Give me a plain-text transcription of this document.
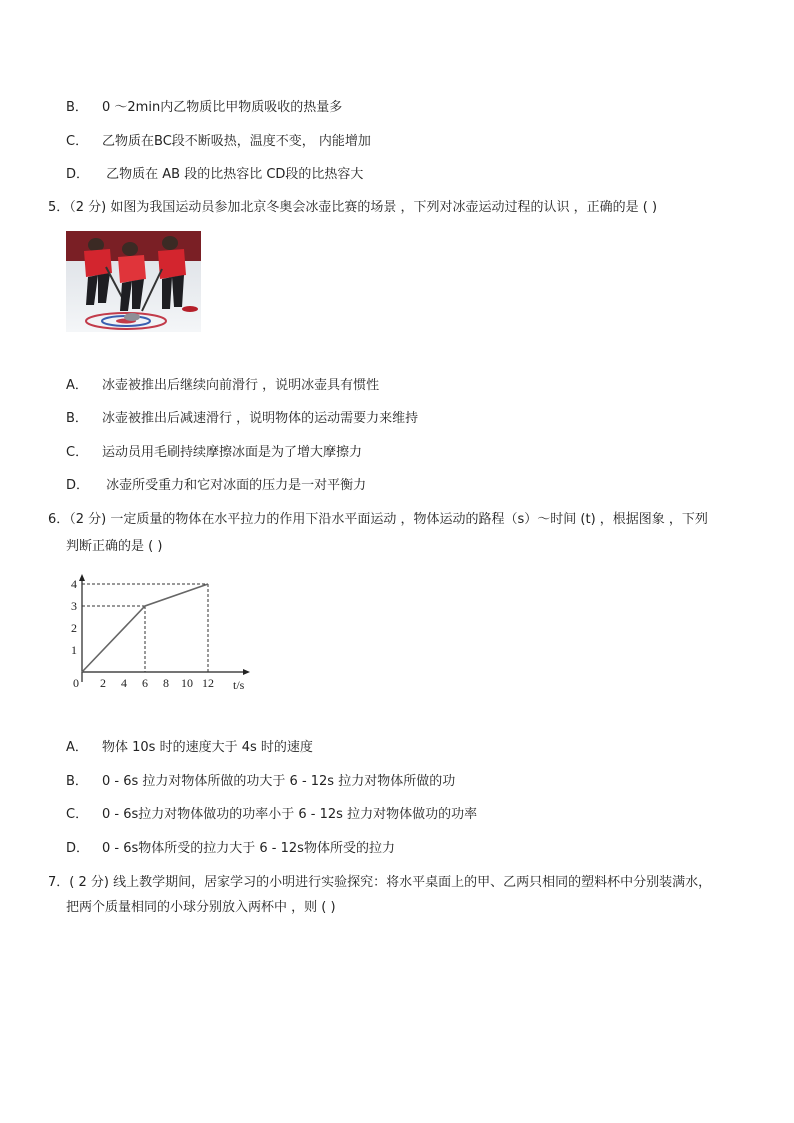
B． 0 ～2min内乙物质比甲物质吸收的热量多
C． 乙物质在BC段不断吸热，温度不变， 内能增加
D． 乙物质在 AB 段的比热容比 CD段的比热容大
5．（2 分) 如图为我国运动员参加北京冬奥会冰壶比赛的场景 ，下列对冰壶运动过程的认识 ，正确的是 ( )
A． 冰壶被推出后继续向前滑行 ，说明冰壶具有惯性
B． 冰壶被推出后减速滑行 ，说明物体的运动需要力来维持
C． 运动员用毛刷持续摩擦冰面是为了增大摩擦力
D． 冰壶所受重力和它对冰面的压力是一对平衡力
6．（2 分) 一定质量的物体在水平拉力的作用下沿水平面运动 ，物体运动的路程（s）～时间 (t) ，根据图象 ，下列
判断正确的是 ( )
0	t/s
2 4 6 8 10 12
1
2
3
4
A． 物体 10s 时的速度大于 4s 时的速度
B． 0 - 6s 拉力对物体所做的功大于 6 - 12s 拉力对物体所做的功
C． 0 - 6s拉力对物体做功的功率小于 6 - 12s 拉力对物体做功的功率
D． 0 - 6s物体所受的拉力大于 6 - 12s物体所受的拉力
7．( 2 分) 线上教学期间，居家学习的小明进行实验探究：将水平桌面上的甲、乙两只相同的塑料杯中分别装满水，
把两个质量相同的小球分别放入两杯中 ，则 ( )
